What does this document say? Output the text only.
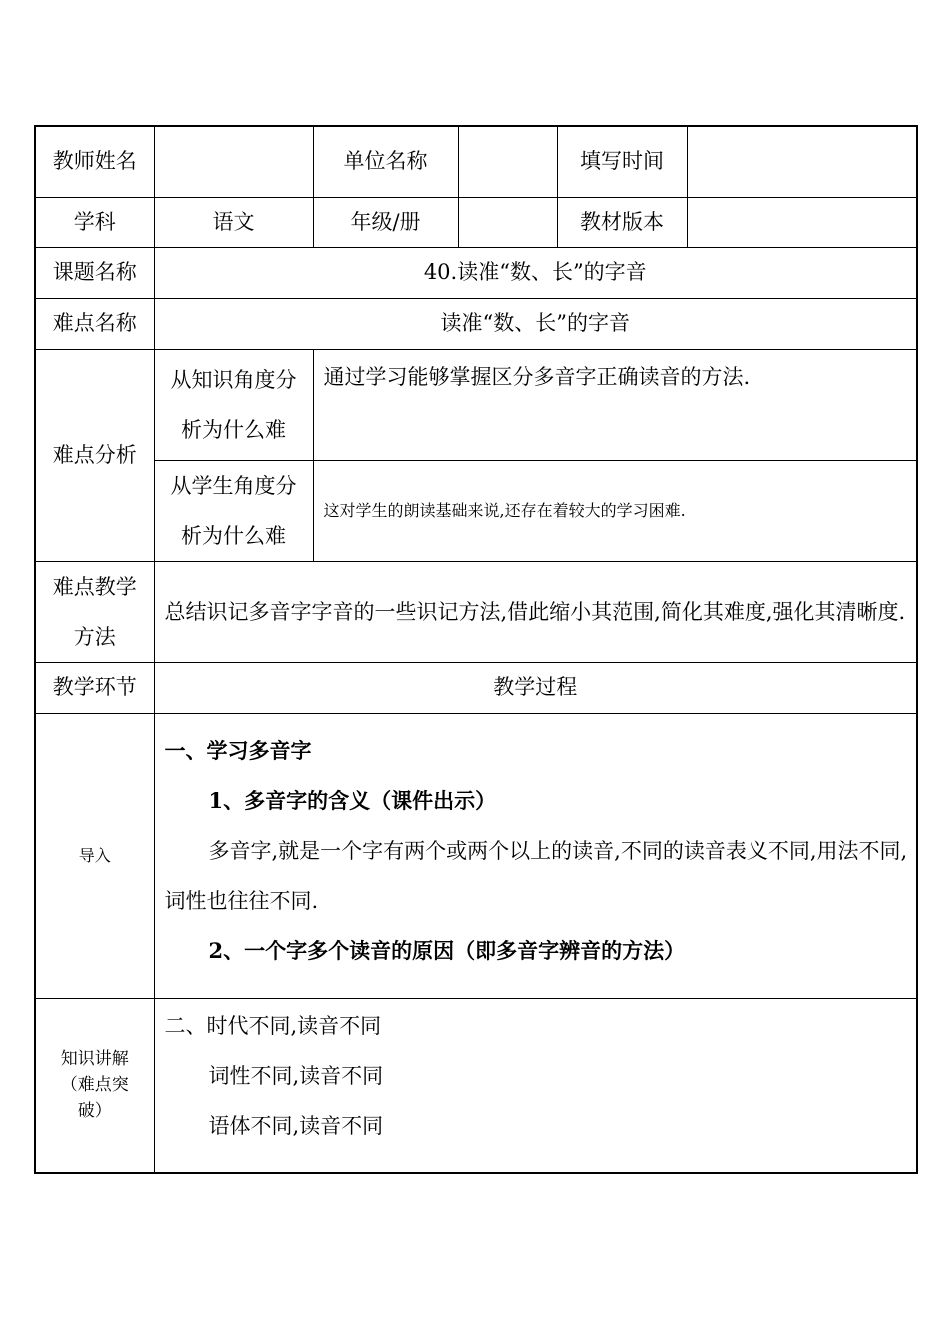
教师姓名		单位名称		填写时间	
学科	语文	年级/册		教材版本	
课题名称	40.读准“数、长”的字音				
难点名称	读准“数、长”的字音				
难点分析	从知识角度分析为什么难	通过学习能够掌握区分多音字正确读音的方法.			
	从学生角度分析为什么难	这对学生的朗读基础来说,还存在着较大的学习困难.			
难点教学方法	总结识记多音字字音的一些识记方法,借此缩小其范围,简化其难度,强化其清晰度.				
教学环节	教学过程				
导入	一、学习多音字

1、多音字的含义（课件出示）

多音字,就是一个字有两个或两个以上的读音,不同的读音表义不同,用法不同,词性也往往不同.

2、一个字多个读音的原因（即多音字辨音的方法）				

知识讲解（难点突破）	二、时代不同,读音不同

词性不同,读音不同

语体不同,读音不同				
